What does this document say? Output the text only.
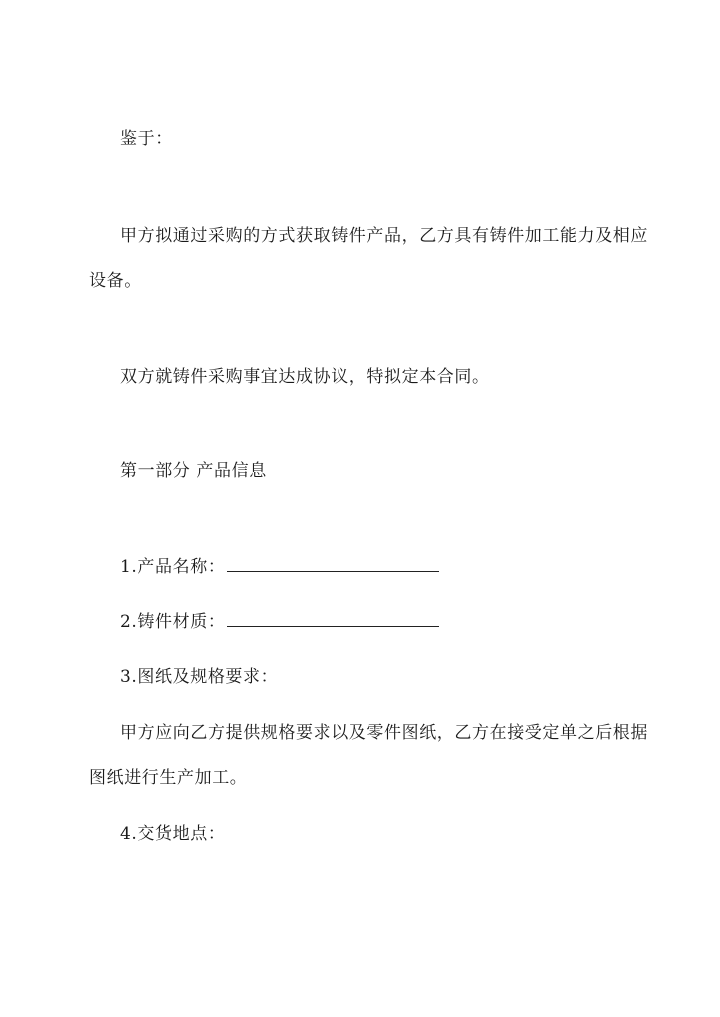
鉴于：
甲方拟通过采购的方式获取铸件产品，乙方具有铸件加工能力及相应
设备。
双方就铸件采购事宜达成协议，特拟定本合同。
第一部分 产品信息
1.产品名称：
2.铸件材质：
3.图纸及规格要求：
甲方应向乙方提供规格要求以及零件图纸，乙方在接受定单之后根据
图纸进行生产加工。
4.交货地点：
